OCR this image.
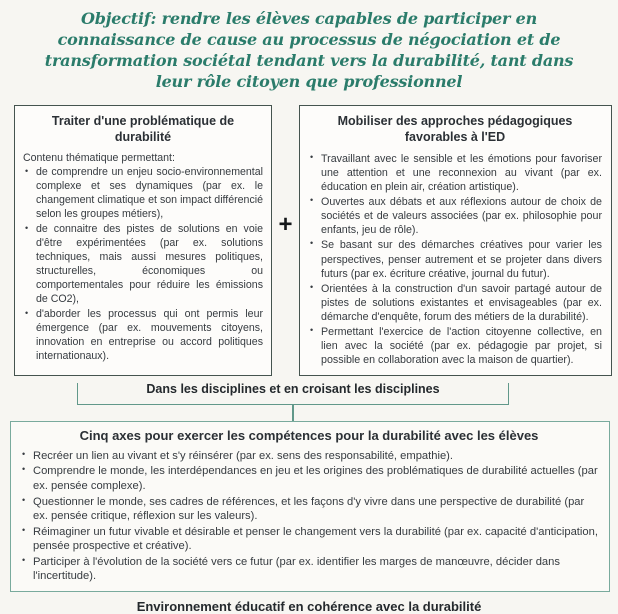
Objectif: rendre les élèves capables de participer en connaissance de cause au processus de négociation et de transformation sociétal tendant vers la durabilité, tant dans leur rôle citoyen que professionnel
Traiter d'une problématique de durabilité

Contenu thématique permettant:

• de comprendre un enjeu socio-environnemental complexe et ses dynamiques (par ex. le changement climatique et son impact différencié selon les groupes métiers),
• de connaitre des pistes de solutions en voie d'être expérimentées (par ex. solutions techniques, mais aussi mesures politiques, structurelles, économiques ou comportementales pour réduire les émissions de CO2),
• d'aborder les processus qui ont permis leur émergence (par ex. mouvements citoyens, innovation en entreprise ou accord politiques internationaux).
+
Mobiliser des approches pédagogiques favorables à l'ED
• Travaillant avec le sensible et les émotions pour favoriser une attention et une reconnexion au vivant (par ex. éducation en plein air, création artistique).
• Ouvertes aux débats et aux réflexions autour de choix de sociétés et de valeurs associées (par ex. philosophie pour enfants, jeu de rôle).
• Se basant sur des démarches créatives pour varier les perspectives, penser autrement et se projeter dans divers futurs (par ex. écriture créative, journal du futur).
• Orientées à la construction d'un savoir partagé autour de pistes de solutions existantes et envisageables (par ex. démarche d'enquête, forum des métiers de la durabilité).
• Permettant l'exercice de l'action citoyenne collective, en lien avec la société (par ex. pédagogie par projet, si possible en collaboration avec la maison de quartier).
Dans les disciplines et en croisant les disciplines
Cinq axes pour exercer les compétences pour la durabilité avec les élèves
• Recréer un lien au vivant et s'y réinsérer (par ex. sens des responsabilité, empathie).
• Comprendre le monde, les interdépendances en jeu et les origines des problématiques de durabilité actuelles (par ex. pensée complexe).
• Questionner le monde, ses cadres de références, et les façons d'y vivre dans une perspective de durabilité (par ex. pensée critique, réflexion sur les valeurs).
• Réimaginer un futur vivable et désirable et penser le changement vers la durabilité (par ex. capacité d'anticipation, pensée prospective et créative).
• Participer à l'évolution de la société vers ce futur (par ex. identifier les marges de manœuvre, décider dans l'incertitude).
Environnement éducatif en cohérence avec la durabilité
